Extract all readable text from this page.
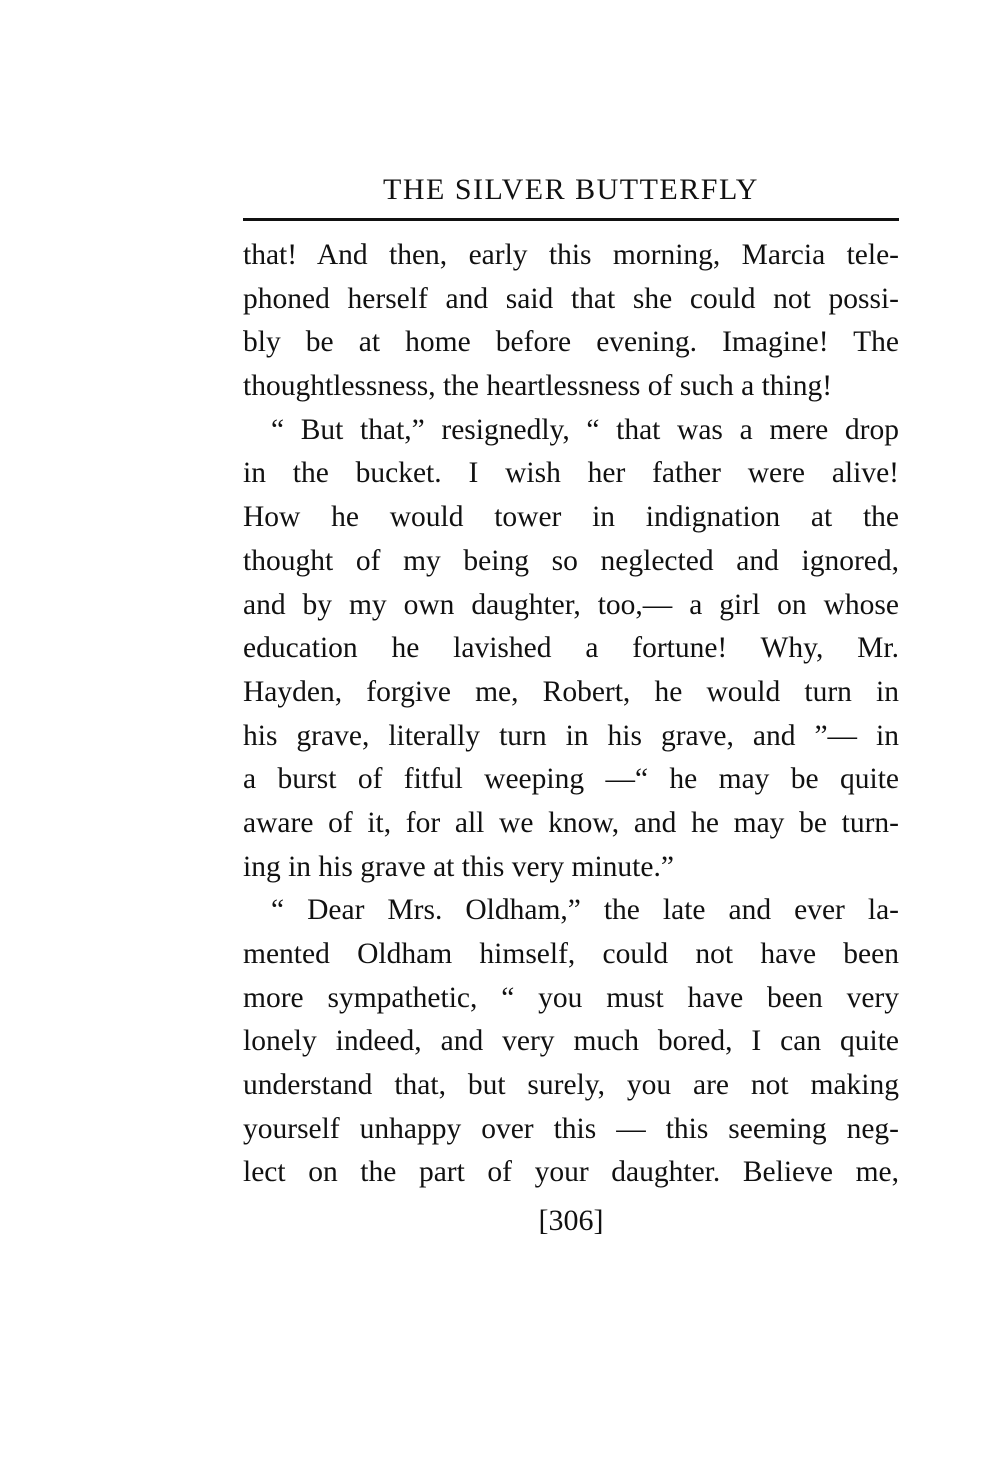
THE SILVER BUTTERFLY
that! And then, early this morning, Marcia tele-
phoned herself and said that she could not possi-
bly be at home before evening. Imagine! The
thoughtlessness, the heartlessness of such a thing!
“ But that,” resignedly, “ that was a mere drop
in the bucket. I wish her father were alive!
How he would tower in indignation at the
thought of my being so neglected and ignored,
and by my own daughter, too,— a girl on whose
education he lavished a fortune! Why, Mr.
Hayden, forgive me, Robert, he would turn in
his grave, literally turn in his grave, and ”— in
a burst of fitful weeping —“ he may be quite
aware of it, for all we know, and he may be turn-
ing in his grave at this very minute.”
“ Dear Mrs. Oldham,” the late and ever la-
mented Oldham himself, could not have been
more sympathetic, “ you must have been very
lonely indeed, and very much bored, I can quite
understand that, but surely, you are not making
yourself unhappy over this — this seeming neg-
lect on the part of your daughter. Believe me,
[306]
